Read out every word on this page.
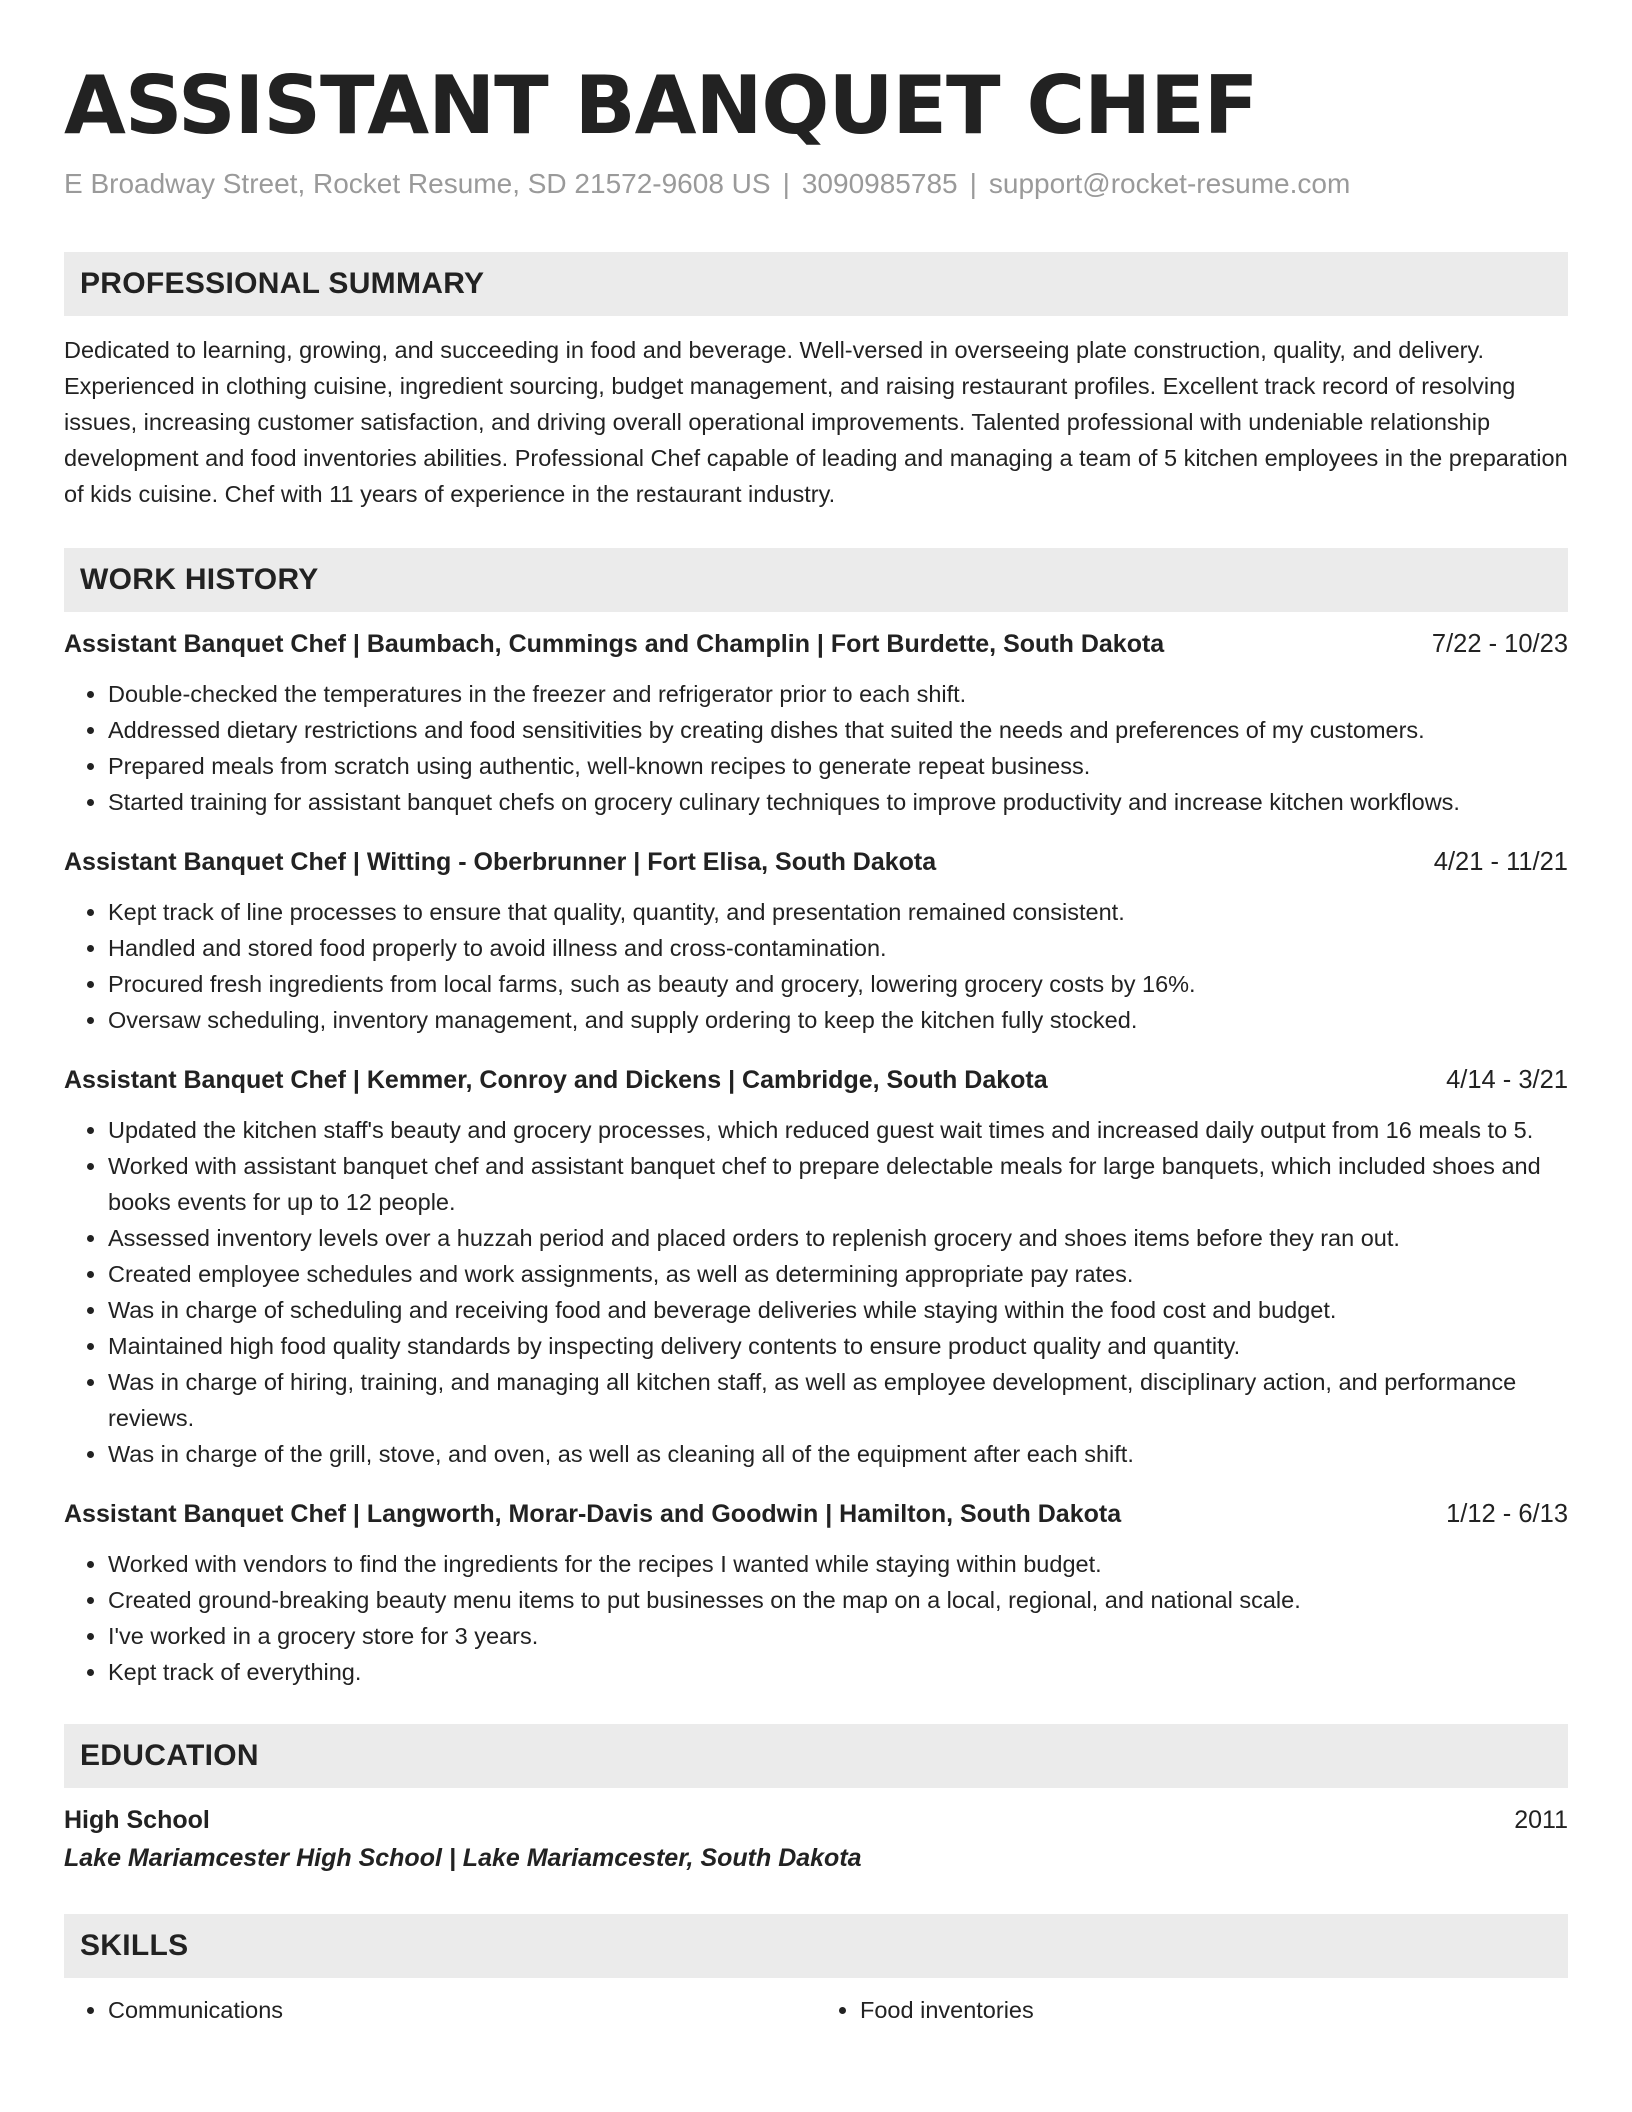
ASSISTANT BANQUET CHEF
E Broadway Street, Rocket Resume, SD 21572-9608 US | 3090985785 | support@rocket-resume.com
PROFESSIONAL SUMMARY
Dedicated to learning, growing, and succeeding in food and beverage. Well-versed in overseeing plate construction, quality, and delivery. Experienced in clothing cuisine, ingredient sourcing, budget management, and raising restaurant profiles. Excellent track record of resolving issues, increasing customer satisfaction, and driving overall operational improvements. Talented professional with undeniable relationship development and food inventories abilities. Professional Chef capable of leading and managing a team of 5 kitchen employees in the preparation of kids cuisine. Chef with 11 years of experience in the restaurant industry.
WORK HISTORY
Assistant Banquet Chef | Baumbach, Cummings and Champlin | Fort Burdette, South Dakota	7/22 - 10/23
• Double-checked the temperatures in the freezer and refrigerator prior to each shift.
• Addressed dietary restrictions and food sensitivities by creating dishes that suited the needs and preferences of my customers.
• Prepared meals from scratch using authentic, well-known recipes to generate repeat business.
• Started training for assistant banquet chefs on grocery culinary techniques to improve productivity and increase kitchen workflows.
Assistant Banquet Chef | Witting - Oberbrunner | Fort Elisa, South Dakota	4/21 - 11/21
• Kept track of line processes to ensure that quality, quantity, and presentation remained consistent.
• Handled and stored food properly to avoid illness and cross-contamination.
• Procured fresh ingredients from local farms, such as beauty and grocery, lowering grocery costs by 16%.
• Oversaw scheduling, inventory management, and supply ordering to keep the kitchen fully stocked.
Assistant Banquet Chef | Kemmer, Conroy and Dickens | Cambridge, South Dakota	4/14 - 3/21
• Updated the kitchen staff's beauty and grocery processes, which reduced guest wait times and increased daily output from 16 meals to 5.
• Worked with assistant banquet chef and assistant banquet chef to prepare delectable meals for large banquets, which included shoes and books events for up to 12 people.
• Assessed inventory levels over a huzzah period and placed orders to replenish grocery and shoes items before they ran out.
• Created employee schedules and work assignments, as well as determining appropriate pay rates.
• Was in charge of scheduling and receiving food and beverage deliveries while staying within the food cost and budget.
• Maintained high food quality standards by inspecting delivery contents to ensure product quality and quantity.
• Was in charge of hiring, training, and managing all kitchen staff, as well as employee development, disciplinary action, and performance reviews.
• Was in charge of the grill, stove, and oven, as well as cleaning all of the equipment after each shift.
Assistant Banquet Chef | Langworth, Morar-Davis and Goodwin | Hamilton, South Dakota	1/12 - 6/13
• Worked with vendors to find the ingredients for the recipes I wanted while staying within budget.
• Created ground-breaking beauty menu items to put businesses on the map on a local, regional, and national scale.
• I've worked in a grocery store for 3 years.
• Kept track of everything.
EDUCATION
High School	2011
Lake Mariamcester High School | Lake Mariamcester, South Dakota
SKILLS
• Communications
•	Food inventories
